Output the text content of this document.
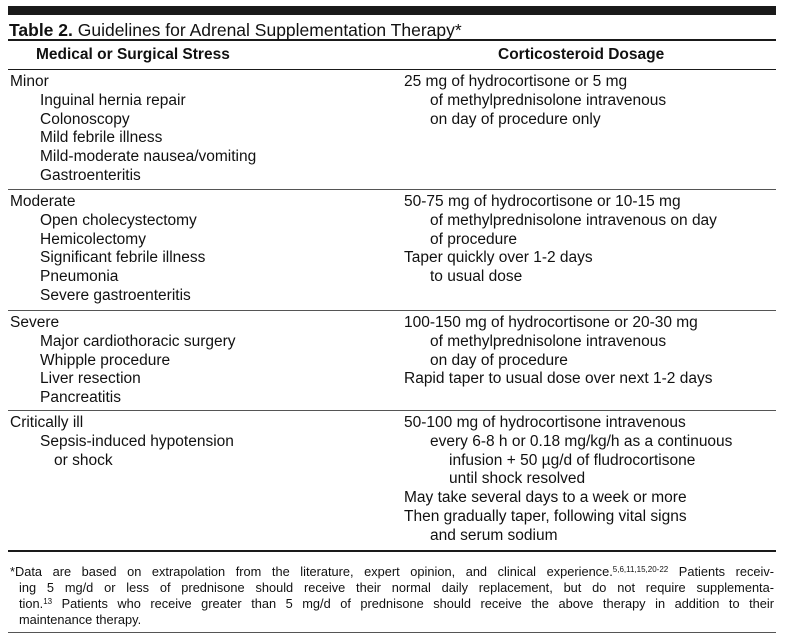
Table 2. Guidelines for Adrenal Supplementation Therapy*
Medical or Surgical Stress	Corticosteroid Dosage
Minor
Inguinal hernia repair
Colonoscopy
Mild febrile illness
Mild-moderate nausea/vomiting
Gastroenteritis
25 mg of hydrocortisone or 5 mg
of methylprednisolone intravenous
on day of procedure only
Moderate
Open cholecystectomy
Hemicolectomy
Significant febrile illness
Pneumonia
Severe gastroenteritis
50-75 mg of hydrocortisone or 10-15 mg
of methylprednisolone intravenous on day
of procedure
Taper quickly over 1-2 days
to usual dose
Severe
Major cardiothoracic surgery
Whipple procedure
Liver resection
Pancreatitis
100-150 mg of hydrocortisone or 20-30 mg
of methylprednisolone intravenous
on day of procedure
Rapid taper to usual dose over next 1-2 days
Critically ill
Sepsis-induced hypotension
or shock
50-100 mg of hydrocortisone intravenous
every 6-8 h or 0.18 mg/kg/h as a continuous
infusion + 50 µg/d of fludrocortisone
until shock resolved
May take several days to a week or more
Then gradually taper, following vital signs
and serum sodium
*Data are based on extrapolation from the literature, expert opinion, and clinical experience.$^{5,6,11,15,20-22}$ Patients receiv-
ing 5 mg/d or less of prednisone should receive their normal daily replacement, but do not require supplementa-
tion.$^{13}$ Patients who receive greater than 5 mg/d of prednisone should receive the above therapy in addition to their
maintenance therapy.
